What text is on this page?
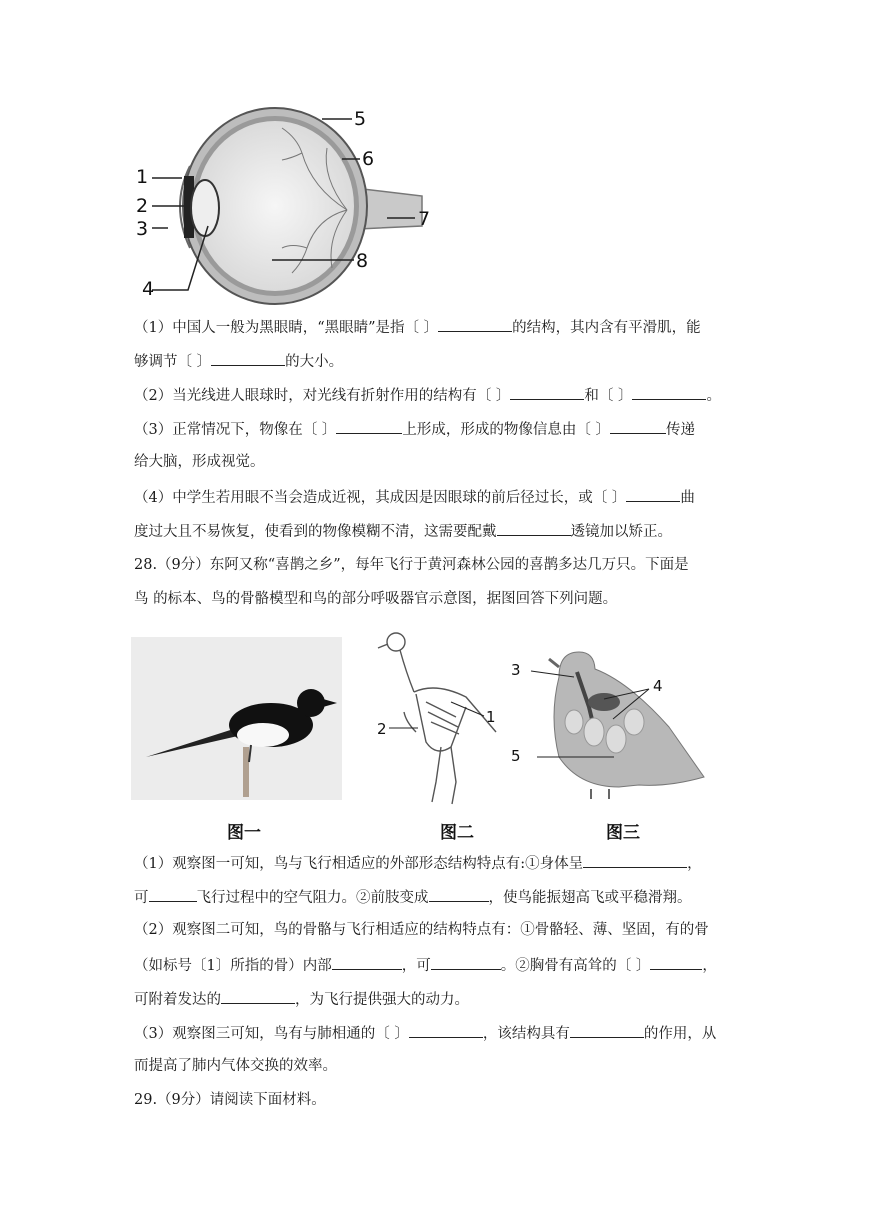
1
2
3
4
5
6
7
8
（1）中国人一般为黑眼睛，“黑眼睛”是指〔 〕	的结构，其内含有平滑肌，能
够调节〔 〕	的大小。
（2）当光线进人眼球时，对光线有折射作用的结构有〔 〕	和〔 〕	。
（3）正常情况下，物像在〔 〕	上形成，形成的物像信息由〔 〕	传递
给大脑，形成视觉。
（4）中学生若用眼不当会造成近视，其成因是因眼球的前后径过长，或〔 〕	曲
度过大且不易恢复，使看到的物像模糊不清，这需要配戴	透镜加以矫正。
28.（9分）东阿又称“喜鹊之乡”，每年飞行于黄河森林公园的喜鹊多达几万只。下面是
鸟 的标本、鸟的骨骼模型和鸟的部分呼吸器官示意图，据图回答下列问题。
1
2
3
4
5
图一	图二	图三
（1）观察图一可知，鸟与飞行相适应的外部形态结构特点有:①身体呈	，
可	飞行过程中的空气阻力。②前肢变成	，使鸟能振翅高飞或平稳滑翔。
（2）观察图二可知，鸟的骨骼与飞行相适应的结构特点有：①骨骼轻、薄、坚固，有的骨
（如标号〔1〕所指的骨）内部	，可	。②胸骨有高耸的〔 〕	，
可附着发达的	，为飞行提供强大的动力。
（3）观察图三可知，鸟有与肺相通的〔 〕	，该结构具有	的作用，从
而提高了肺内气体交换的效率。
29.（9分）请阅读下面材料。
